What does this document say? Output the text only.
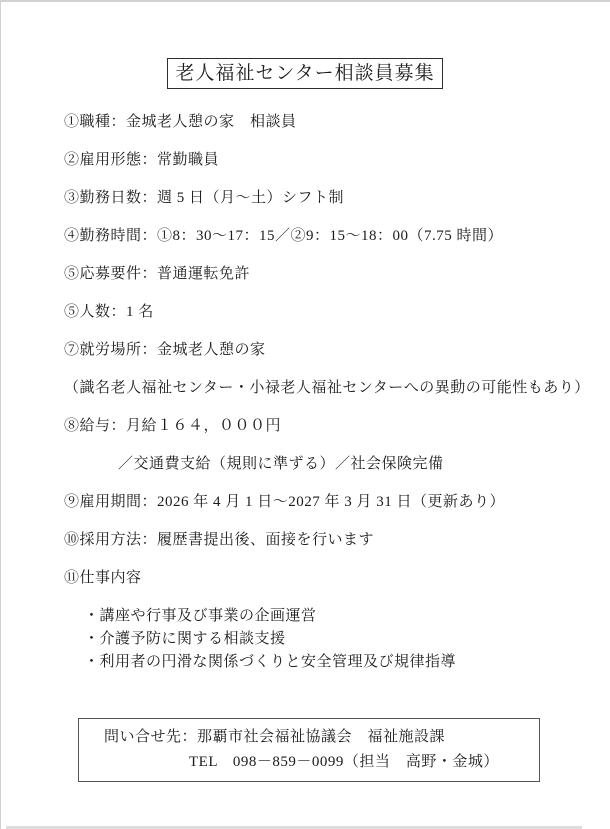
老人福祉センター相談員募集

①職種：金城老人憩の家　相談員

②雇用形態：常勤職員

③勤務日数：週 5 日（月～土）シフト制

④勤務時間：①8：30～17：15／②9：15～18：00（7.75 時間）

⑤応募要件：普通運転免許

⑤人数：1 名

⑦就労場所：金城老人憩の家

（識名老人福祉センター・小禄老人福祉センターへの異動の可能性もあり）

⑧給与：月給１６４，０００円

／交通費支給（規則に準ずる）／社会保険完備

⑨雇用期間：2026 年 4 月 1 日～2027 年 3 月 31 日（更新あり）

⑩採用方法：履歴書提出後、面接を行います

⑪仕事内容

・講座や行事及び事業の企画運営

・介護予防に関する相談支援

・利用者の円滑な関係づくりと安全管理及び規律指導

問い合せ先：那覇市社会福祉協議会　福祉施設課

TEL　098－859－0099（担当　高野・金城）
